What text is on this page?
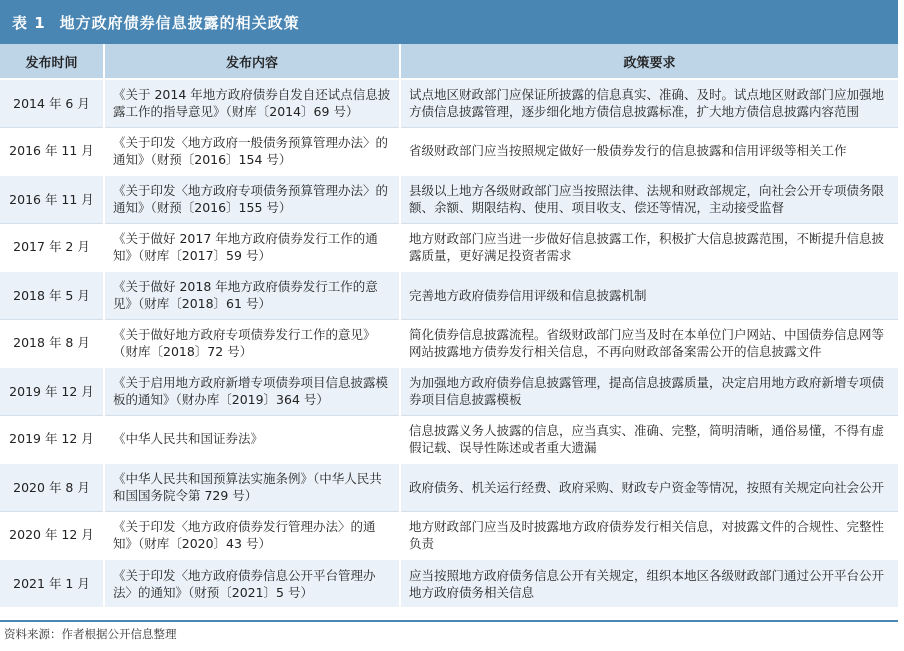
表 1 地方政府债券信息披露的相关政策
发布时间	发布内容	政策要求
2014 年 6 月	《关于 2014 年地方政府债券自发自还试点信息披露工作的指导意见》（财库〔2014〕69 号）	试点地区财政部门应保证所披露的信息真实、准确、及时。试点地区财政部门应加强地方债信息披露管理，逐步细化地方债信息披露标准，扩大地方债信息披露内容范围
2016 年 11 月	《关于印发〈地方政府一般债务预算管理办法〉的通知》（财预〔2016〕154 号）	省级财政部门应当按照规定做好一般债券发行的信息披露和信用评级等相关工作
2016 年 11 月	《关于印发〈地方政府专项债务预算管理办法〉的通知》（财预〔2016〕155 号）	县级以上地方各级财政部门应当按照法律、法规和财政部规定，向社会公开专项债务限额、余额、期限结构、使用、项目收支、偿还等情况，主动接受监督
2017 年 2 月	《关于做好 2017 年地方政府债券发行工作的通知》（财库〔2017〕59 号）	地方财政部门应当进一步做好信息披露工作，积极扩大信息披露范围，不断提升信息披露质量，更好满足投资者需求
2018 年 5 月	《关于做好 2018 年地方政府债券发行工作的意见》（财库〔2018〕61 号）	完善地方政府债券信用评级和信息披露机制
2018 年 8 月	《关于做好地方政府专项债券发行工作的意见》（财库〔2018〕72 号）	简化债券信息披露流程。省级财政部门应当及时在本单位门户网站、中国债券信息网等网站披露地方债券发行相关信息，不再向财政部备案需公开的信息披露文件
2019 年 12 月	《关于启用地方政府新增专项债券项目信息披露模板的通知》（财办库〔2019〕364 号）	为加强地方政府债券信息披露管理，提高信息披露质量，决定启用地方政府新增专项债券项目信息披露模板
2019 年 12 月	《中华人民共和国证券法》	信息披露义务人披露的信息，应当真实、准确、完整，简明清晰，通俗易懂，不得有虚假记载、误导性陈述或者重大遗漏
2020 年 8 月	《中华人民共和国预算法实施条例》（中华人民共和国国务院令第 729 号）	政府债务、机关运行经费、政府采购、财政专户资金等情况，按照有关规定向社会公开
2020 年 12 月	《关于印发〈地方政府债券发行管理办法〉的通知》（财库〔2020〕43 号）	地方财政部门应当及时披露地方政府债券发行相关信息，对披露文件的合规性、完整性负责
2021 年 1 月	《关于印发〈地方政府债券信息公开平台管理办法〉的通知》（财预〔2021〕5 号）	应当按照地方政府债务信息公开有关规定，组织本地区各级财政部门通过公开平台公开地方政府债务相关信息
资料来源：作者根据公开信息整理
